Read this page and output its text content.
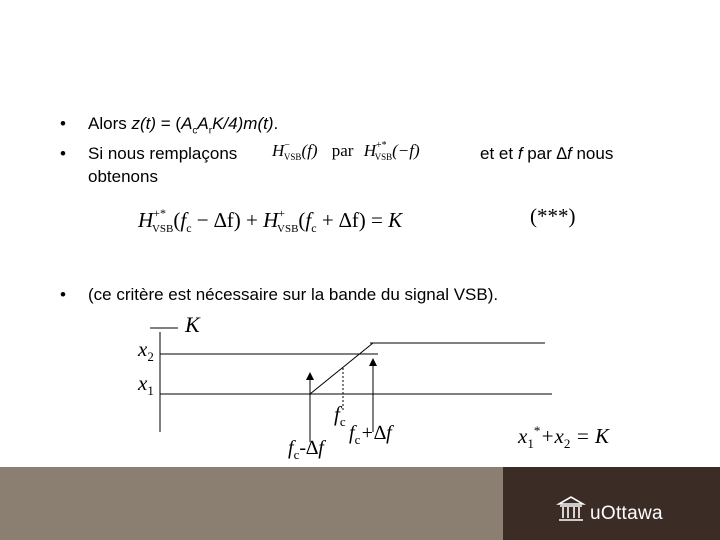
• Alors $z(t) = (A_cA_rK/4)m(t)$.
• Si nous remplaçons $H^-_{VSB}(f)$ par $H^{+*}_{VSB}(-f)$	et et f par ∆f nous
obtenons
$H^{+*}_{VSB}(f_c - \Delta f) + H^+_{VSB}(f_c + \Delta f) = K$	(***)
• (ce critère est nécessaire sur la bande du signal VSB).
K
$x_2$
$x_1$
$f_c$
$f_c+\Delta f$
$f_c-\Delta f$	$x_1^*+x_2 = K$
uOttawa
